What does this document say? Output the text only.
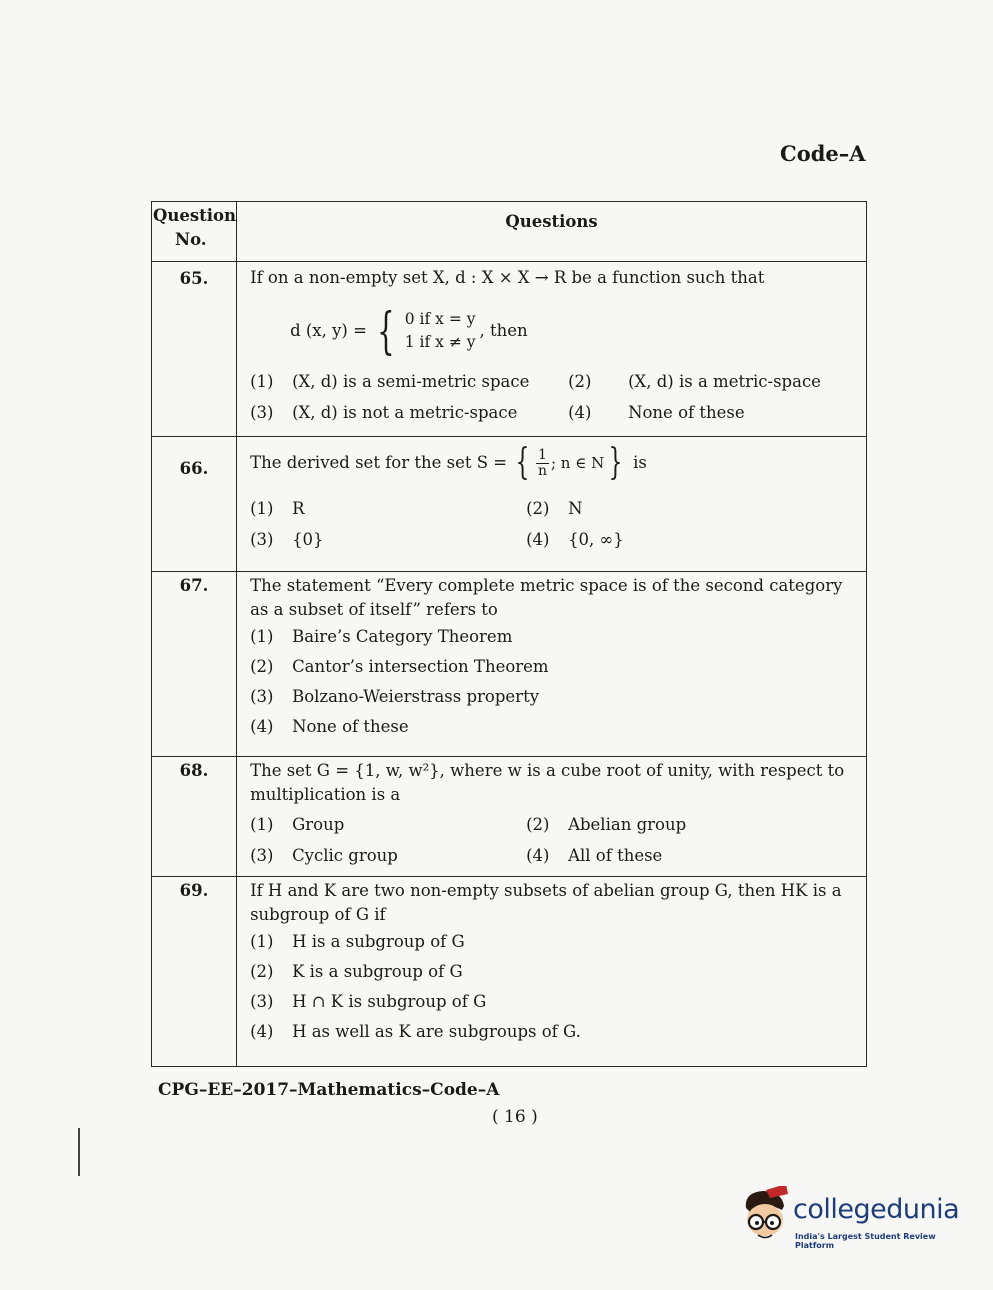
Code–A
Question
No.
	Questions
65.	If on a non-empty set X, d : X × X → R be a function such that
d (x, y) = { 0 if x = y
1 if x ≠ y
, then
(1)	(X, d) is a semi-metric space	(2)	(X, d) is a metric-space
(3)	(X, d) is not a metric-space	(4)	None of these

66.	The derived set for the set S = { $\frac{1}{n}$ ; n ∈ N } is
(1)	R	(2)	N
(3)	{0}	(4)	{0, ∞}

67.	The statement “Every complete metric space is of the second category as a subset of itself” refers to
(1)	Baire’s Category Theorem
(2)	Cantor’s intersection Theorem
(3)	Bolzano-Weierstrass property
(4)	None of these

68.	The set G = {1, w, w²}, where w is a cube root of unity, with respect to multiplication is a
(1)	Group	(2)	Abelian group
(3)	Cyclic group	(4)	All of these

69.	If H and K are two non-empty subsets of abelian group G, then HK is a subgroup of G if
(1)	H is a subgroup of G
(2)	K is a subgroup of G
(3)	H ∩ K is subgroup of G
(4)	H as well as K are subgroups of G.
CPG–EE–2017–Mathematics–Code–A
( 16 )
collegedunia
India's Largest Student Review Platform
